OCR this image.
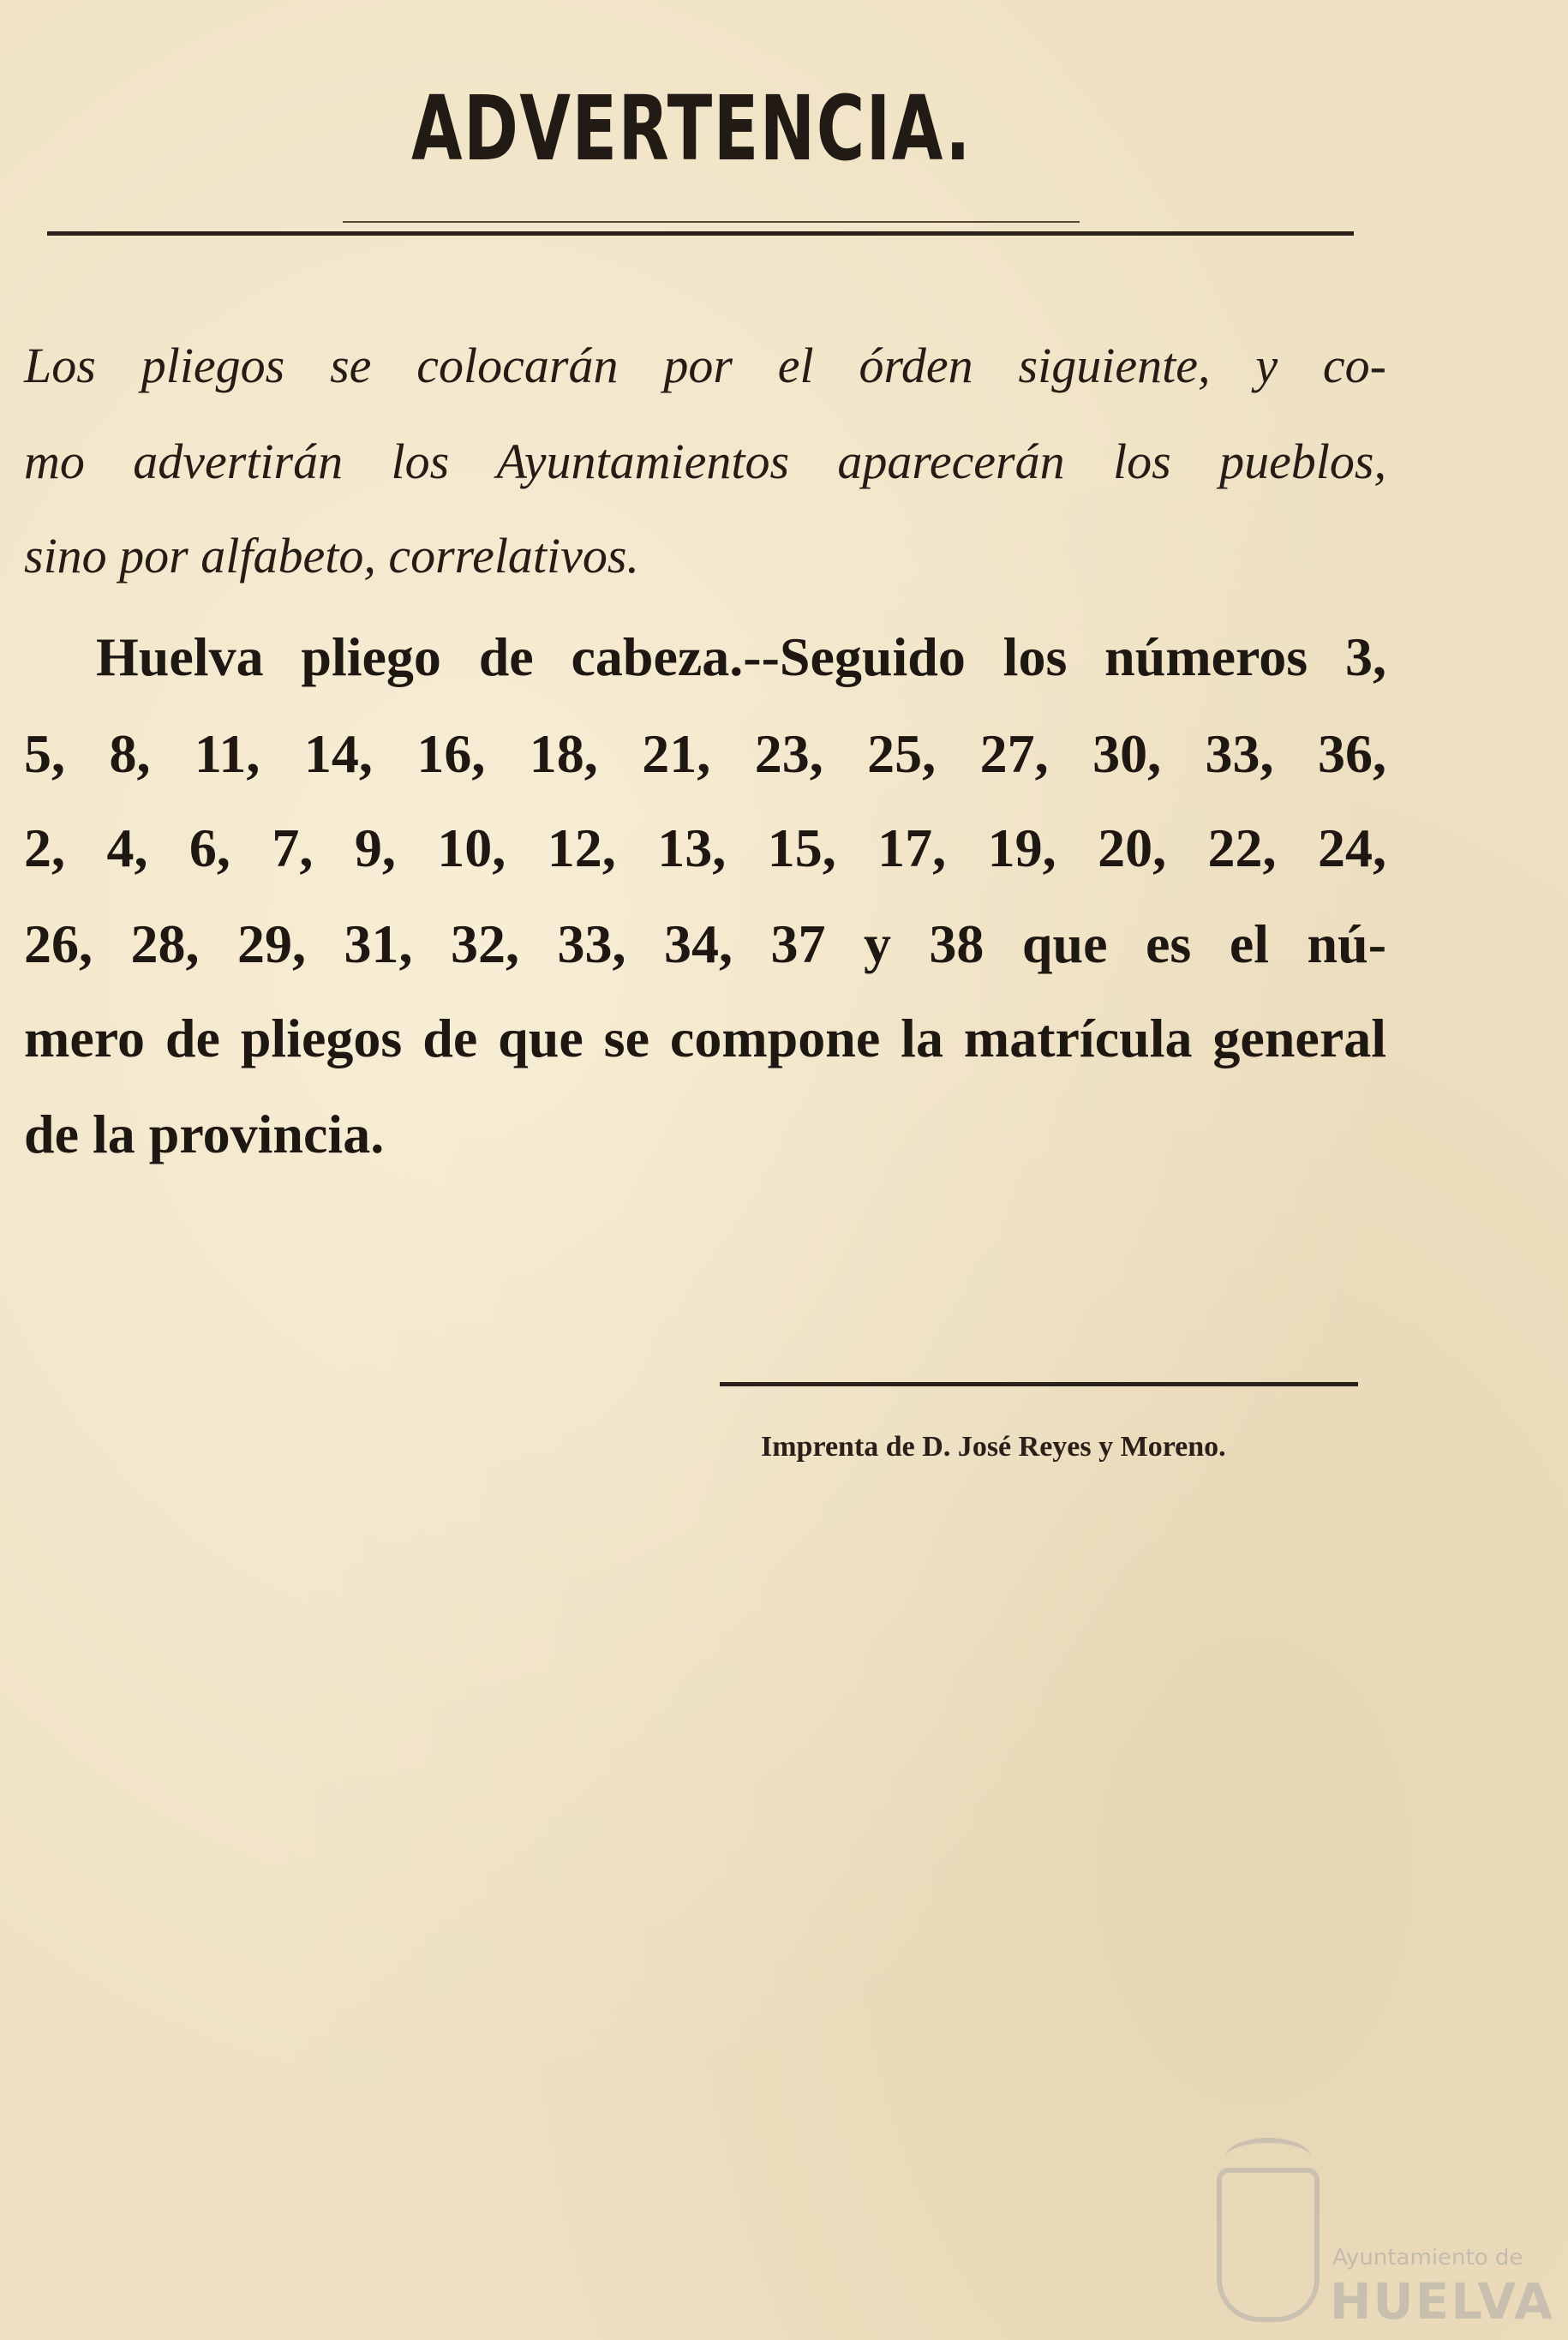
ADVERTENCIA.
Los pliegos se colocarán por el órden siguiente, y co-
mo advertirán los Ayuntamientos aparecerán los pueblos,
sino por alfabeto, correlativos.
Huelva pliego de cabeza.--Seguido los números 3,
5, 8, 11, 14, 16, 18, 21, 23, 25, 27, 30, 33, 36,
2, 4, 6, 7, 9, 10, 12, 13, 15, 17, 19, 20, 22, 24,
26, 28, 29, 31, 32, 33, 34, 37 y 38 que es el nú-
mero de pliegos de que se compone la matrícula general
de la provincia.
Imprenta de D. José Reyes y Moreno.
Ayuntamiento de
HUELVA
